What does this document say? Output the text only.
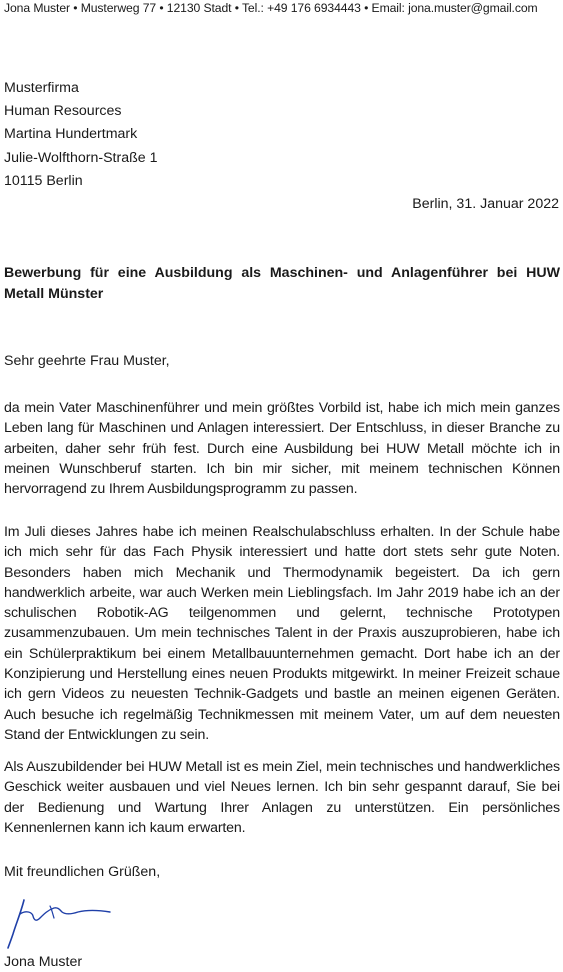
Jona Muster • Musterweg 77 • 12130 Stadt • Tel.: +49 176 6934443 • Email: jona.muster@gmail.com
Musterfirma
Human Resources
Martina Hundertmark
Julie-Wolfthorn-Straße 1
10115 Berlin
Berlin, 31. Januar 2022
Bewerbung für eine Ausbildung als Maschinen- und Anlagenführer bei HUW Metall Münster
Sehr geehrte Frau Muster,

da mein Vater Maschinenführer und mein größtes Vorbild ist, habe ich mich mein ganzes Leben lang für Maschinen und Anlagen interessiert. Der Entschluss, in dieser Branche zu arbeiten, daher sehr früh fest. Durch eine Ausbildung bei HUW Metall möchte ich in meinen Wunschberuf starten. Ich bin mir sicher, mit meinem technischen Können hervorragend zu Ihrem Ausbildungsprogramm zu passen.

Im Juli dieses Jahres habe ich meinen Realschulabschluss erhalten. In der Schule habe ich mich sehr für das Fach Physik interessiert und hatte dort stets sehr gute Noten. Besonders haben mich Mechanik und Thermodynamik begeistert. Da ich gern handwerklich arbeite, war auch Werken mein Lieblingsfach. Im Jahr 2019 habe ich an der schulischen Robotik-AG teilgenommen und gelernt, technische Prototypen zusammenzubauen. Um mein technisches Talent in der Praxis auszuprobieren, habe ich ein Schülerpraktikum bei einem Metallbauunternehmen gemacht. Dort habe ich an der Konzipierung und Herstellung eines neuen Produkts mitgewirkt. In meiner Freizeit schaue ich gern Videos zu neuesten Technik-Gadgets und bastle an meinen eigenen Geräten. Auch besuche ich regelmäßig Technikmessen mit meinem Vater, um auf dem neuesten Stand der Entwicklungen zu sein.

Als Auszubildender bei HUW Metall ist es mein Ziel, mein technisches und handwerkliches Geschick weiter ausbauen und viel Neues lernen. Ich bin sehr gespannt darauf, Sie bei der Bedienung und Wartung Ihrer Anlagen zu unterstützen. Ein persönliches Kennenlernen kann ich kaum erwarten.

Mit freundlichen Grüßen,
Jona Muster
